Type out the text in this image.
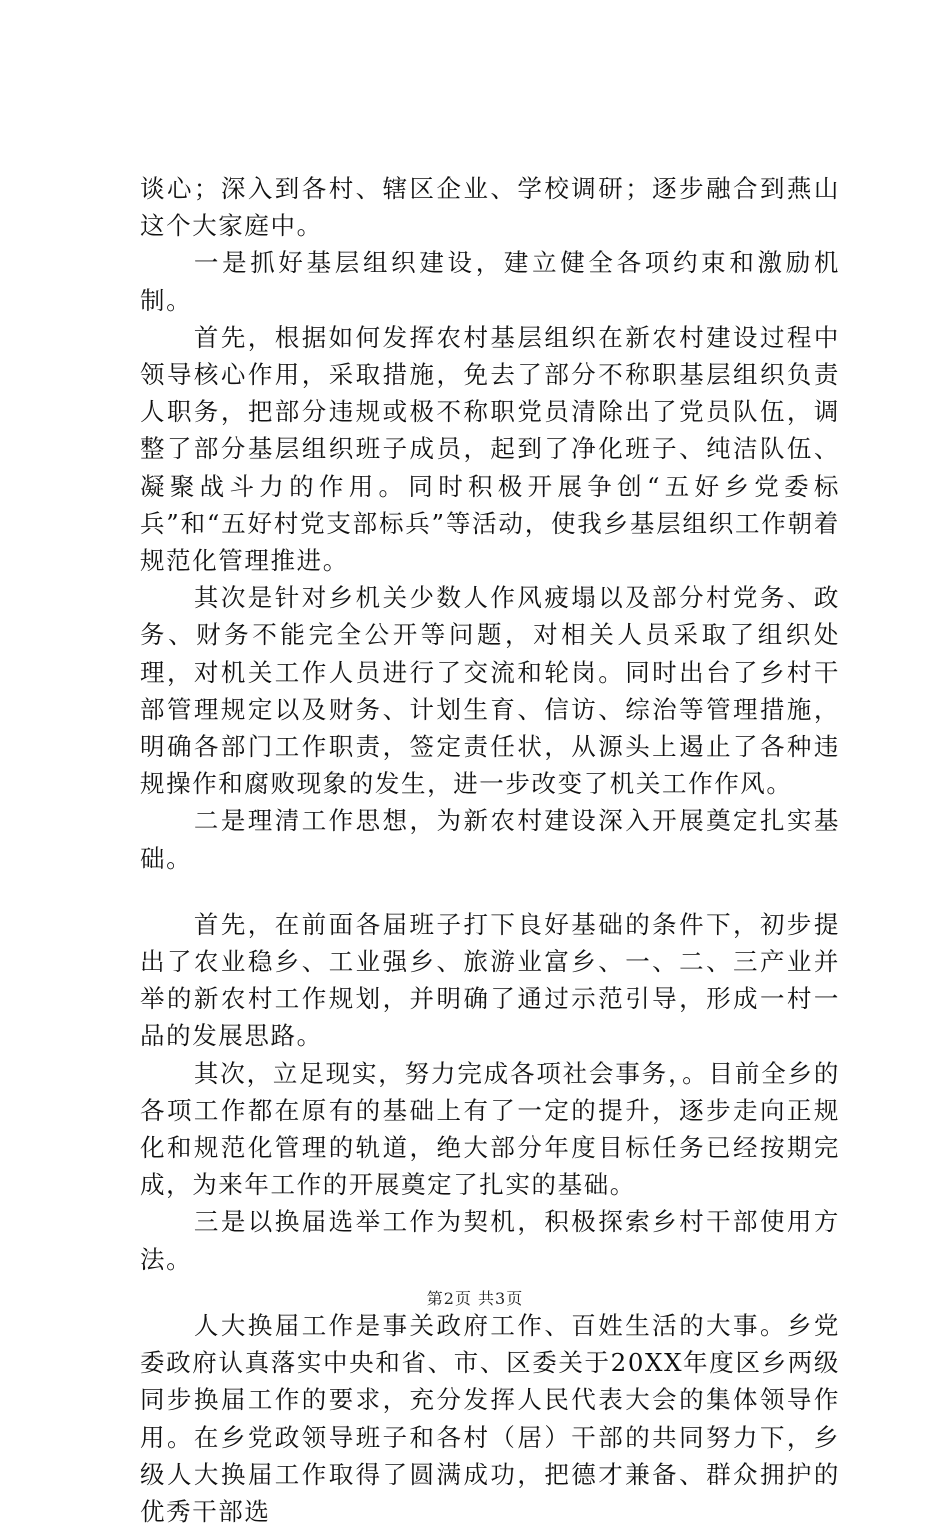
谈心；深入到各村、辖区企业、学校调研；逐步融合到燕山这个大家庭中。

一是抓好基层组织建设，建立健全各项约束和激励机制。

首先，根据如何发挥农村基层组织在新农村建设过程中领导核心作用，采取措施，免去了部分不称职基层组织负责人职务，把部分违规或极不称职党员清除出了党员队伍，调整了部分基层组织班子成员，起到了净化班子、纯洁队伍、凝聚战斗力的作用。同时积极开展争创“五好乡党委标兵”和“五好村党支部标兵”等活动，使我乡基层组织工作朝着规范化管理推进。

其次是针对乡机关少数人作风疲塌以及部分村党务、政务、财务不能完全公开等问题，对相关人员采取了组织处理，对机关工作人员进行了交流和轮岗。同时出台了乡村干部管理规定以及财务、计划生育、信访、综治等管理措施，明确各部门工作职责，签定责任状，从源头上遏止了各种违规操作和腐败现象的发生，进一步改变了机关工作作风。

二是理清工作思想，为新农村建设深入开展奠定扎实基础。

首先，在前面各届班子打下良好基础的条件下，初步提出了农业稳乡、工业强乡、旅游业富乡、一、二、三产业并举的新农村工作规划，并明确了通过示范引导，形成一村一品的发展思路。

其次，立足现实，努力完成各项社会事务，。目前全乡的各项工作都在原有的基础上有了一定的提升，逐步走向正规化和规范化管理的轨道，绝大部分年度目标任务已经按期完成，为来年工作的开展奠定了扎实的基础。

三是以换届选举工作为契机，积极探索乡村干部使用方法。

人大换届工作是事关政府工作、百姓生活的大事。乡党委政府认真落实中央和省、市、区委关于20XX年度区乡两级同步换届工作的要求，充分发挥人民代表大会的集体领导作用。在乡党政领导班子和各村（居）干部的共同努力下，乡级人大换届工作取得了圆满成功，把德才兼备、群众拥护的优秀干部选

第2页 共3页
